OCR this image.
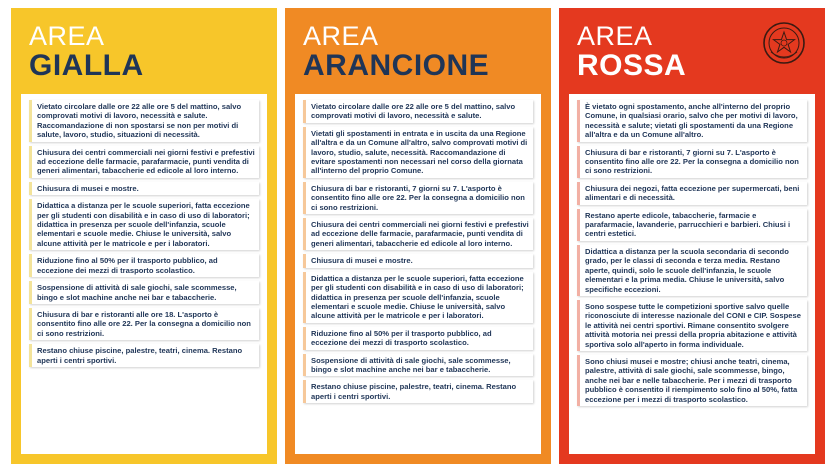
AREA
GIALLA
Vietato circolare dalle ore 22 alle ore 5 del mattino, salvo comprovati motivi di lavoro, necessità e salute. Raccomandazione di non spostarsi se non per motivi di salute, lavoro, studio, situazioni di necessità.
Chiusura dei centri commerciali nei giorni festivi e prefestivi ad eccezione delle farmacie, parafarmacie, punti vendita di generi alimentari, tabaccherie ed edicole al loro interno.
Chiusura di musei e mostre.
Didattica a distanza per le scuole superiori, fatta eccezione per gli studenti con disabilità e in caso di uso di laboratori; didattica in presenza per scuole dell'infanzia, scuole elementari e scuole medie. Chiuse le università, salvo alcune attività per le matricole e per i laboratori.
Riduzione fino al 50% per il trasporto pubblico, ad eccezione dei mezzi di trasporto scolastico.
Sospensione di attività di sale giochi, sale scommesse, bingo e slot machine anche nei bar e tabaccherie.
Chiusura di bar e ristoranti alle ore 18. L'asporto è consentito fino alle ore 22. Per la consegna a domicilio non ci sono restrizioni.
Restano chiuse piscine, palestre, teatri, cinema. Restano aperti i centri sportivi.
AREA
ARANCIONE
Vietato circolare dalle ore 22 alle ore 5 del mattino, salvo comprovati motivi di lavoro, necessità e salute.
Vietati gli spostamenti in entrata e in uscita da una Regione all'altra e da un Comune all'altro, salvo comprovati motivi di lavoro, studio, salute, necessità. Raccomandazione di evitare spostamenti non necessari nel corso della giornata all'interno del proprio Comune.
Chiusura di bar e ristoranti, 7 giorni su 7. L'asporto è consentito fino alle ore 22. Per la consegna a domicilio non ci sono restrizioni.
Chiusura dei centri commerciali nei giorni festivi e prefestivi ad eccezione delle farmacie, parafarmacie, punti vendita di generi alimentari, tabaccherie ed edicole al loro interno.
Chiusura di musei e mostre.
Didattica a distanza per le scuole superiori, fatta eccezione per gli studenti con disabilità e in caso di uso di laboratori; didattica in presenza per scuole dell'infanzia, scuole elementari e scuole medie. Chiuse le università, salvo alcune attività per le matricole e per i laboratori.
Riduzione fino al 50% per il trasporto pubblico, ad eccezione dei mezzi di trasporto scolastico.
Sospensione di attività di sale giochi, sale scommesse, bingo e slot machine anche nei bar e tabaccherie.
Restano chiuse piscine, palestre, teatri, cinema. Restano aperti i centri sportivi.
AREA
ROSSA
È vietato ogni spostamento, anche all'interno del proprio Comune, in qualsiasi orario, salvo che per motivi di lavoro, necessità e salute; vietati gli spostamenti da una Regione all'altra e da un Comune all'altro.
Chiusura di bar e ristoranti, 7 giorni su 7. L'asporto è consentito fino alle ore 22. Per la consegna a domicilio non ci sono restrizioni.
Chiusura dei negozi, fatta eccezione per supermercati, beni alimentari e di necessità.
Restano aperte edicole, tabaccherie, farmacie e parafarmacie, lavanderie, parrucchieri e barbieri. Chiusi i centri estetici.
Didattica a distanza per la scuola secondaria di secondo grado, per le classi di seconda e terza media. Restano aperte, quindi, solo le scuole dell'infanzia, le scuole elementari e la prima media. Chiuse le università, salvo specifiche eccezioni.
Sono sospese tutte le competizioni sportive salvo quelle riconosciute di interesse nazionale del CONI e CIP. Sospese le attività nei centri sportivi. Rimane consentito svolgere attività motoria nei pressi della propria abitazione e attività sportiva solo all'aperto in forma individuale.
Sono chiusi musei e mostre; chiusi anche teatri, cinema, palestre, attività di sale giochi, sale scommesse, bingo, anche nei bar e nelle tabaccherie. Per i mezzi di trasporto pubblico è consentito il riempimento solo fino al 50%, fatta eccezione per i mezzi di trasporto scolastico.
